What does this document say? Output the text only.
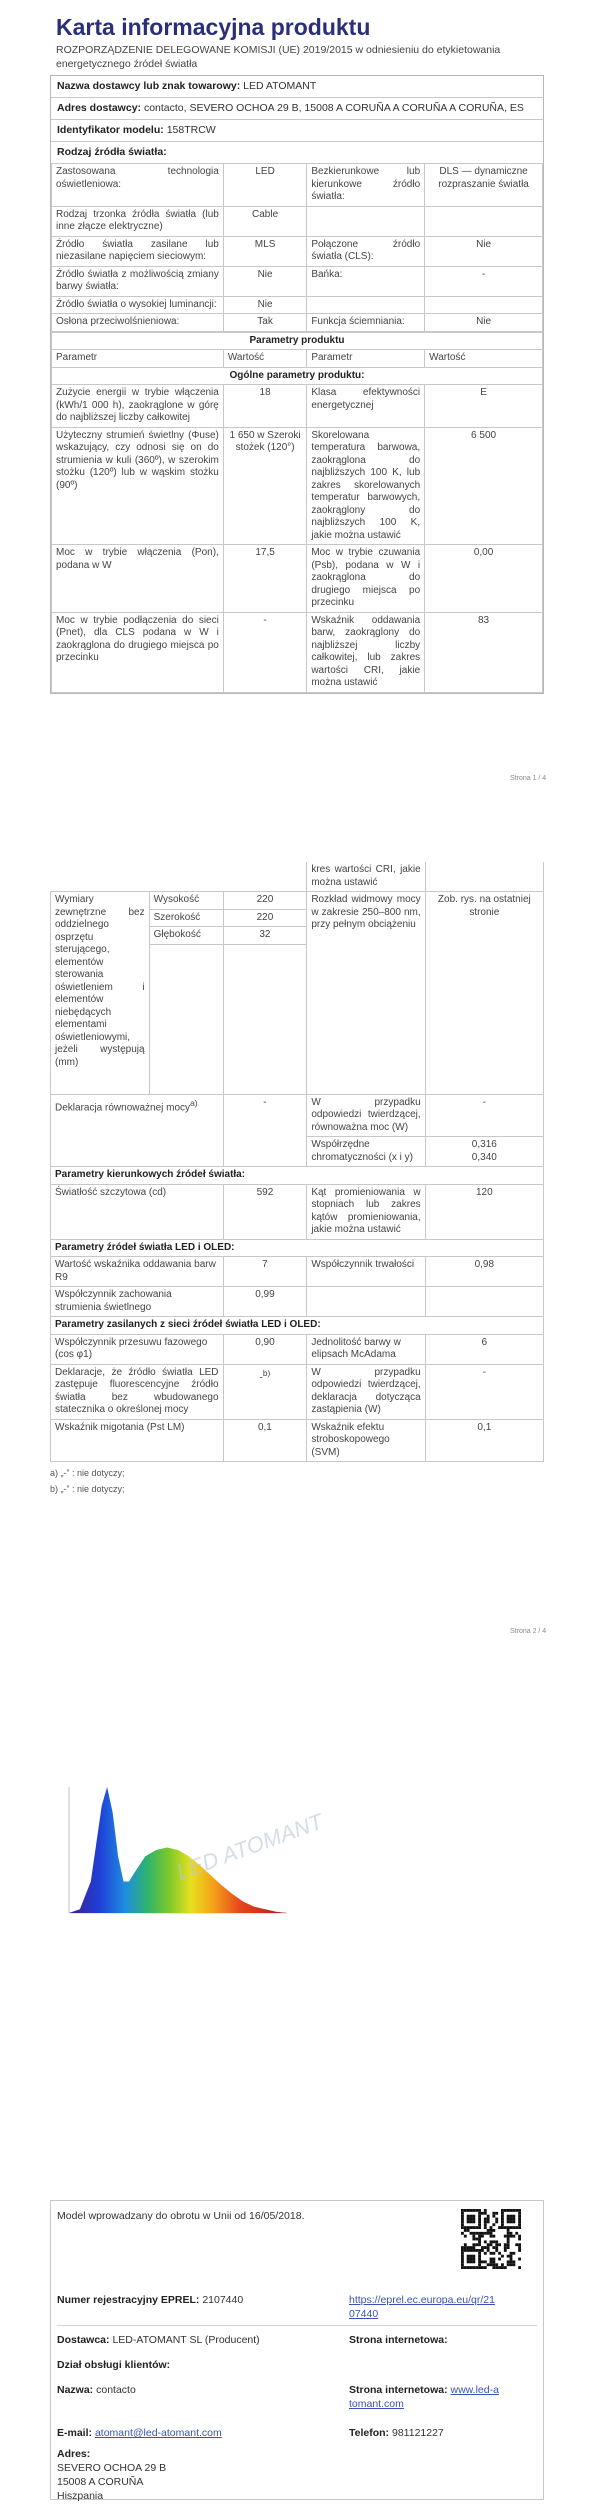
Karta informacyjna produktu
ROZPORZĄDZENIE DELEGOWANE KOMISJI (UE) 2019/2015 w odniesieniu do etykietowania energetycznego źródeł światła
Nazwa dostawcy lub znak towarowy: LED ATOMANT
Adres dostawcy: contacto, SEVERO OCHOA 29 B, 15008 A CORUÑA A CORUÑA A CORUÑA, ES
Identyfikator modelu: 158TRCW
Rodzaj źródła światła:
Zastosowana technologia oświetleniowa:	LED	Bezkierunkowe lub kierunkowe źródło światła:	DLS — dynamiczne rozpraszanie światła
Rodzaj trzonka źródła światła (lub inne złącze elektryczne)	Cable		
Źródło światła zasilane lub niezasilane napięciem sieciowym:	MLS	Połączone źródło światła (CLS):	Nie
Źródło światła z możliwością zmiany barwy światła:	Nie	Bańka:	-
Źródło światła o wysokiej luminancji:	Nie		
Osłona przeciwolśnieniowa:	Tak	Funkcja ściemniania:	Nie
Parametry produktu			
Parametr	Wartość	Parametr	Wartość
Ogólne parametry produktu:			
Zużycie energii w trybie włączenia (kWh/1 000 h), zaokrąglone w górę do najbliższej liczby całkowitej	18	Klasa efektywności energetycznej	E
Użyteczny strumień świetlny (Φuse) wskazujący, czy odnosi się on do strumienia w kuli (360º), w szerokim stożku (120º) lub w wąskim stożku (90º)	1 650 w Szeroki stożek (120°)	Skorelowana temperatura barwowa, zaokrąglona do najbliższych 100 K, lub zakres skorelowanych temperatur barwowych, zaokrąglony do najbliższych 100 K, jakie można ustawić	6 500
Moc w trybie włączenia (Pon), podana w W	17,5	Moc w trybie czuwania (Psb), podana w W i zaokrąglona do drugiego miejsca po przecinku	0,00
Moc w trybie podłączenia do sieci (Pnet), dla CLS podana w W i zaokrąglona do drugiego miejsca po przecinku	-	Wskaźnik oddawania barw, zaokrąglony do najbliższej liczby całkowitej, lub zakres wartości CRI, jakie można ustawić	83
Strona 1 / 4
			kres wartości CRI, jakie można ustawić	
Wymiary zewnętrzne bez oddzielnego osprzętu sterującego, elementów sterowania oświetleniem i elementów niebędących elementami oświetleniowymi, jeżeli występują (mm)	Wysokość	220	Rozkład widmowy mocy w zakresie 250–800 nm, przy pełnym obciążeniu	Zob. rys. na ostatniej stronie
	Szerokość	220		
	Głębokość	32		

Deklaracja równoważnej mocy$^{a)}$		-	W przypadku odpowiedzi twierdzącej, równoważna moc (W)	-
			Współrzędne chromatyczności (x i y)	0,316
0,340

Parametry kierunkowych źródeł światła:				
Światłość szczytowa (cd)		592	Kąt promieniowania w stopniach lub zakres kątów promieniowania, jakie można ustawić	120
Parametry źródeł światła LED i OLED:				
Wartość wskaźnika oddawania barw R9		7	Współczynnik trwałości	0,98
Współczynnik zachowania strumienia świetlnego		0,99		
Parametry zasilanych z sieci źródeł światła LED i OLED:				
Współczynnik przesuwu fazowego (cos φ1)		0,90	Jednolitość barwy w elipsach McAdama	6
Deklaracje, że źródło światła LED zastępuje fluorescencyjne źródło światła bez wbudowanego statecznika o określonej mocy		-$^{b)}$	W przypadku odpowiedzi twierdzącej, deklaracja dotycząca zastąpienia (W)	-
Wskaźnik migotania (Pst LM)		0,1	Wskaźnik efektu stroboskopowego (SVM)	0,1
a) „-” : nie dotyczy;
b) „-” : nie dotyczy;
Strona 2 / 4
LED ATOMANT
Model wprowadzany do obrotu w Unii od 16/05/2018.
Numer rejestracyjny EPREL: 2107440	https://eprel.ec.europa.eu/qr/2107440
Dostawca: LED-ATOMANT SL (Producent)	Strona internetowa:
Dział obsługi klientów:
Nazwa: contacto	Strona internetowa: www.led-atomant.com
E-mail: atomant@led-atomant.com	Telefon: 981121227
Adres:
SEVERO OCHOA 29 B
15008 A CORUÑA
Hiszpania
